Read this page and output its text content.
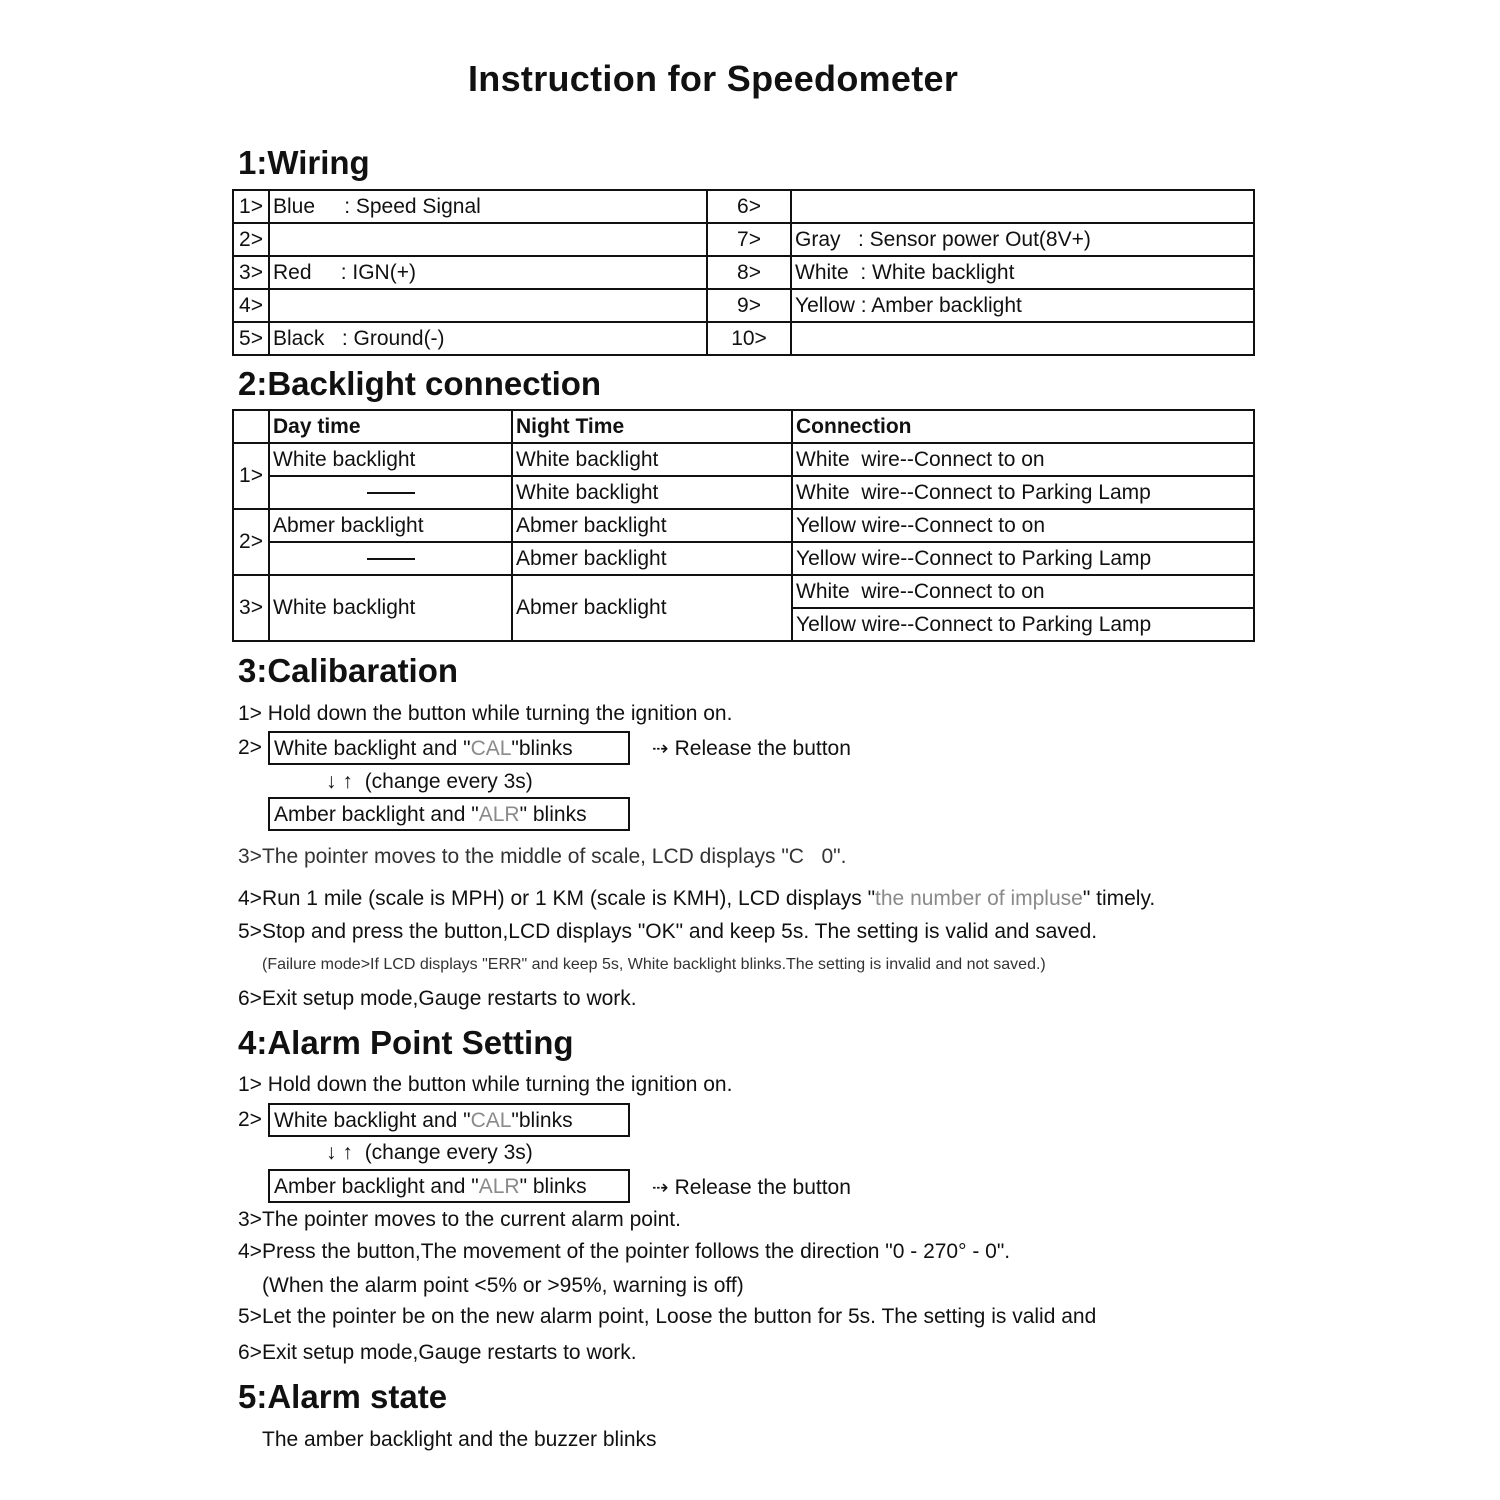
Instruction for Speedometer
1:Wiring
1>	Blue     : Speed Signal	6>	
2>		7>	Gray   : Sensor power Out(8V+)
3>	Red     : IGN(+)	8>	White  : White backlight
4>		9>	Yellow : Amber backlight
5>	Black   : Ground(-)	10>	
2:Backlight connection
	Day time	Night Time	Connection
1>	White backlight	White backlight	White  wire--Connect to on
		White backlight	White  wire--Connect to Parking Lamp
2>	Abmer backlight	Abmer backlight	Yellow wire--Connect to on
		Abmer backlight	Yellow wire--Connect to Parking Lamp
3>	White backlight	Abmer backlight	White  wire--Connect to on
			Yellow wire--Connect to Parking Lamp
3:Calibaration
1> Hold down the button while turning the ignition on.
2> White backlight and "CAL"blinks	⇢ Release the button
↓ ↑ (change every 3s)
Amber backlight and "ALR" blinks
3>The pointer moves to the middle of scale, LCD displays "C   0".
4>Run 1 mile (scale is MPH) or 1 KM (scale is KMH), LCD displays "the number of impluse" timely.
5>Stop and press the button,LCD displays "OK" and keep 5s. The setting is valid and saved.
(Failure mode>If LCD displays "ERR" and keep 5s, White backlight blinks.The setting is invalid and not saved.)
6>Exit setup mode,Gauge restarts to work.
4:Alarm Point Setting
1> Hold down the button while turning the ignition on.
2> White backlight and "CAL"blinks
↓ ↑ (change every 3s)
Amber backlight and "ALR" blinks	⇢ Release the button
3>The pointer moves to the current alarm point.
4>Press the button,The movement of the pointer follows the direction "0 - 270° - 0".
(When the alarm point <5% or >95%, warning is off)
5>Let the pointer be on the new alarm point, Loose the button for 5s. The setting is valid and
6>Exit setup mode,Gauge restarts to work.
5:Alarm state
The amber backlight and the buzzer blinks
